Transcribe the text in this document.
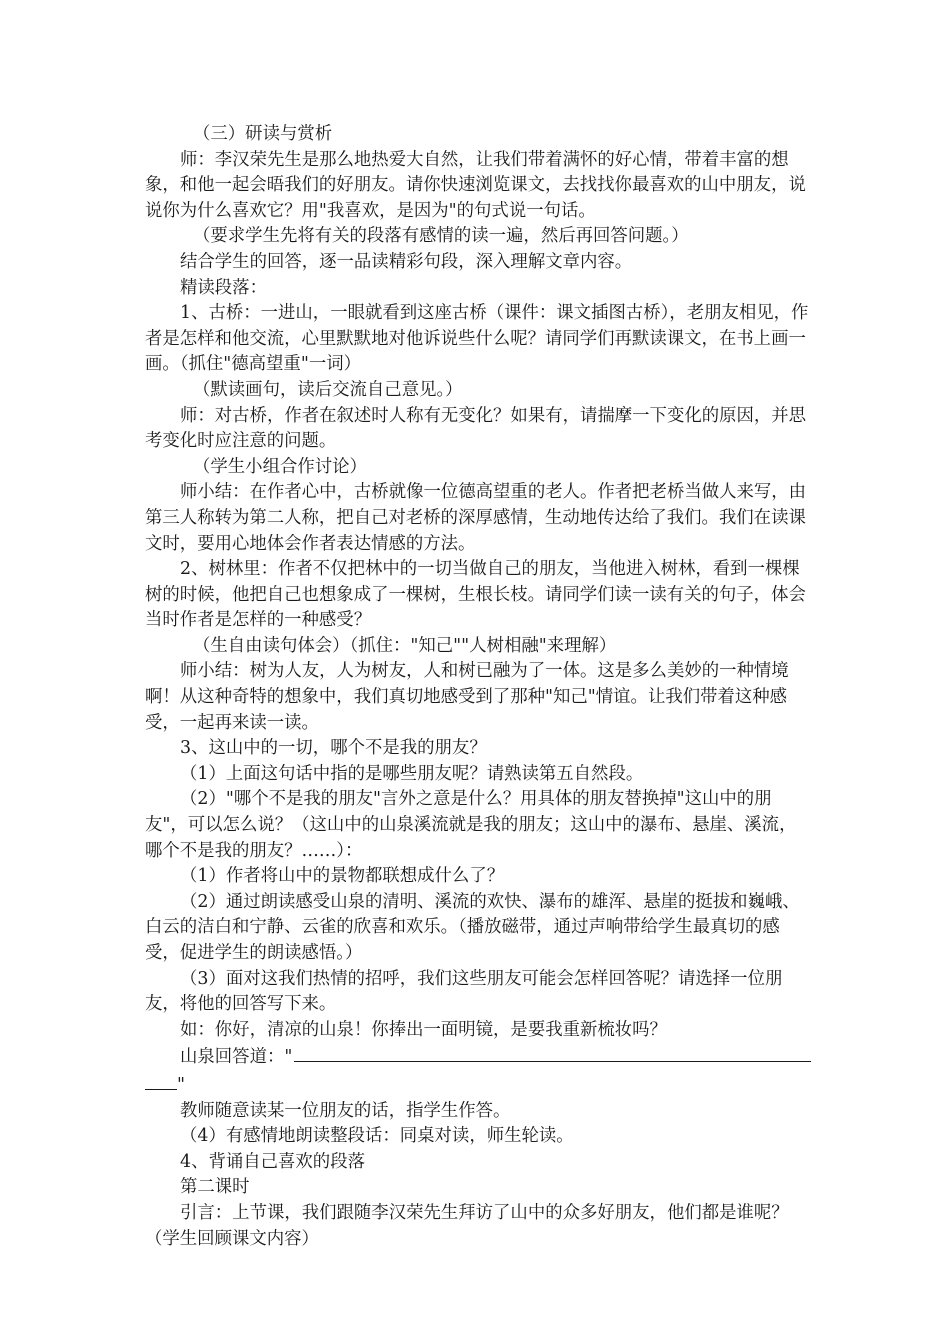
（三）研读与赏析

师：李汉荣先生是那么地热爱大自然，让我们带着满怀的好心情，带着丰富的想象，和他一起会晤我们的好朋友。请你快速浏览课文，去找找你最喜欢的山中朋友，说说你为什么喜欢它？用"我喜欢，是因为"的句式说一句话。

（要求学生先将有关的段落有感情的读一遍，然后再回答问题。）

结合学生的回答，逐一品读精彩句段，深入理解文章内容。

精读段落：

1、古桥：一进山，一眼就看到这座古桥（课件：课文插图古桥），老朋友相见，作者是怎样和他交流，心里默默地对他诉说些什么呢？请同学们再默读课文，在书上画一画。（抓住"德高望重"一词）

（默读画句，读后交流自己意见。）

师：对古桥，作者在叙述时人称有无变化？如果有，请揣摩一下变化的原因，并思考变化时应注意的问题。

（学生小组合作讨论）

师小结：在作者心中，古桥就像一位德高望重的老人。作者把老桥当做人来写，由第三人称转为第二人称，把自己对老桥的深厚感情，生动地传达给了我们。我们在读课文时，要用心地体会作者表达情感的方法。

2、树林里：作者不仅把林中的一切当做自己的朋友，当他进入树林，看到一棵棵树的时候，他把自己也想象成了一棵树，生根长枝。请同学们读一读有关的句子，体会当时作者是怎样的一种感受？

（生自由读句体会）（抓住："知己""人树相融"来理解）

师小结：树为人友，人为树友，人和树已融为了一体。这是多么美妙的一种情境啊！从这种奇特的想象中，我们真切地感受到了那种"知己"情谊。让我们带着这种感受，一起再来读一读。

3、这山中的一切，哪个不是我的朋友？

（1）上面这句话中指的是哪些朋友呢？请熟读第五自然段。

（2）"哪个不是我的朋友"言外之意是什么？用具体的朋友替换掉"这山中的朋友"，可以怎么说？（这山中的山泉溪流就是我的朋友；这山中的瀑布、悬崖、溪流，哪个不是我的朋友？……）：

（1）作者将山中的景物都联想成什么了？

（2）通过朗读感受山泉的清明、溪流的欢快、瀑布的雄浑、悬崖的挺拔和巍峨、白云的洁白和宁静、云雀的欣喜和欢乐。（播放磁带，通过声响带给学生最真切的感受，促进学生的朗读感悟。）

（3）面对这我们热情的招呼，我们这些朋友可能会怎样回答呢？请选择一位朋友，将他的回答写下来。

如：你好，清凉的山泉！你捧出一面明镜，是要我重新梳妆吗？

山泉回答道："

"

教师随意读某一位朋友的话，指学生作答。

（4）有感情地朗读整段话：同桌对读，师生轮读。

4、背诵自己喜欢的段落

第二课时

引言：上节课，我们跟随李汉荣先生拜访了山中的众多好朋友，他们都是谁呢？（学生回顾课文内容）
